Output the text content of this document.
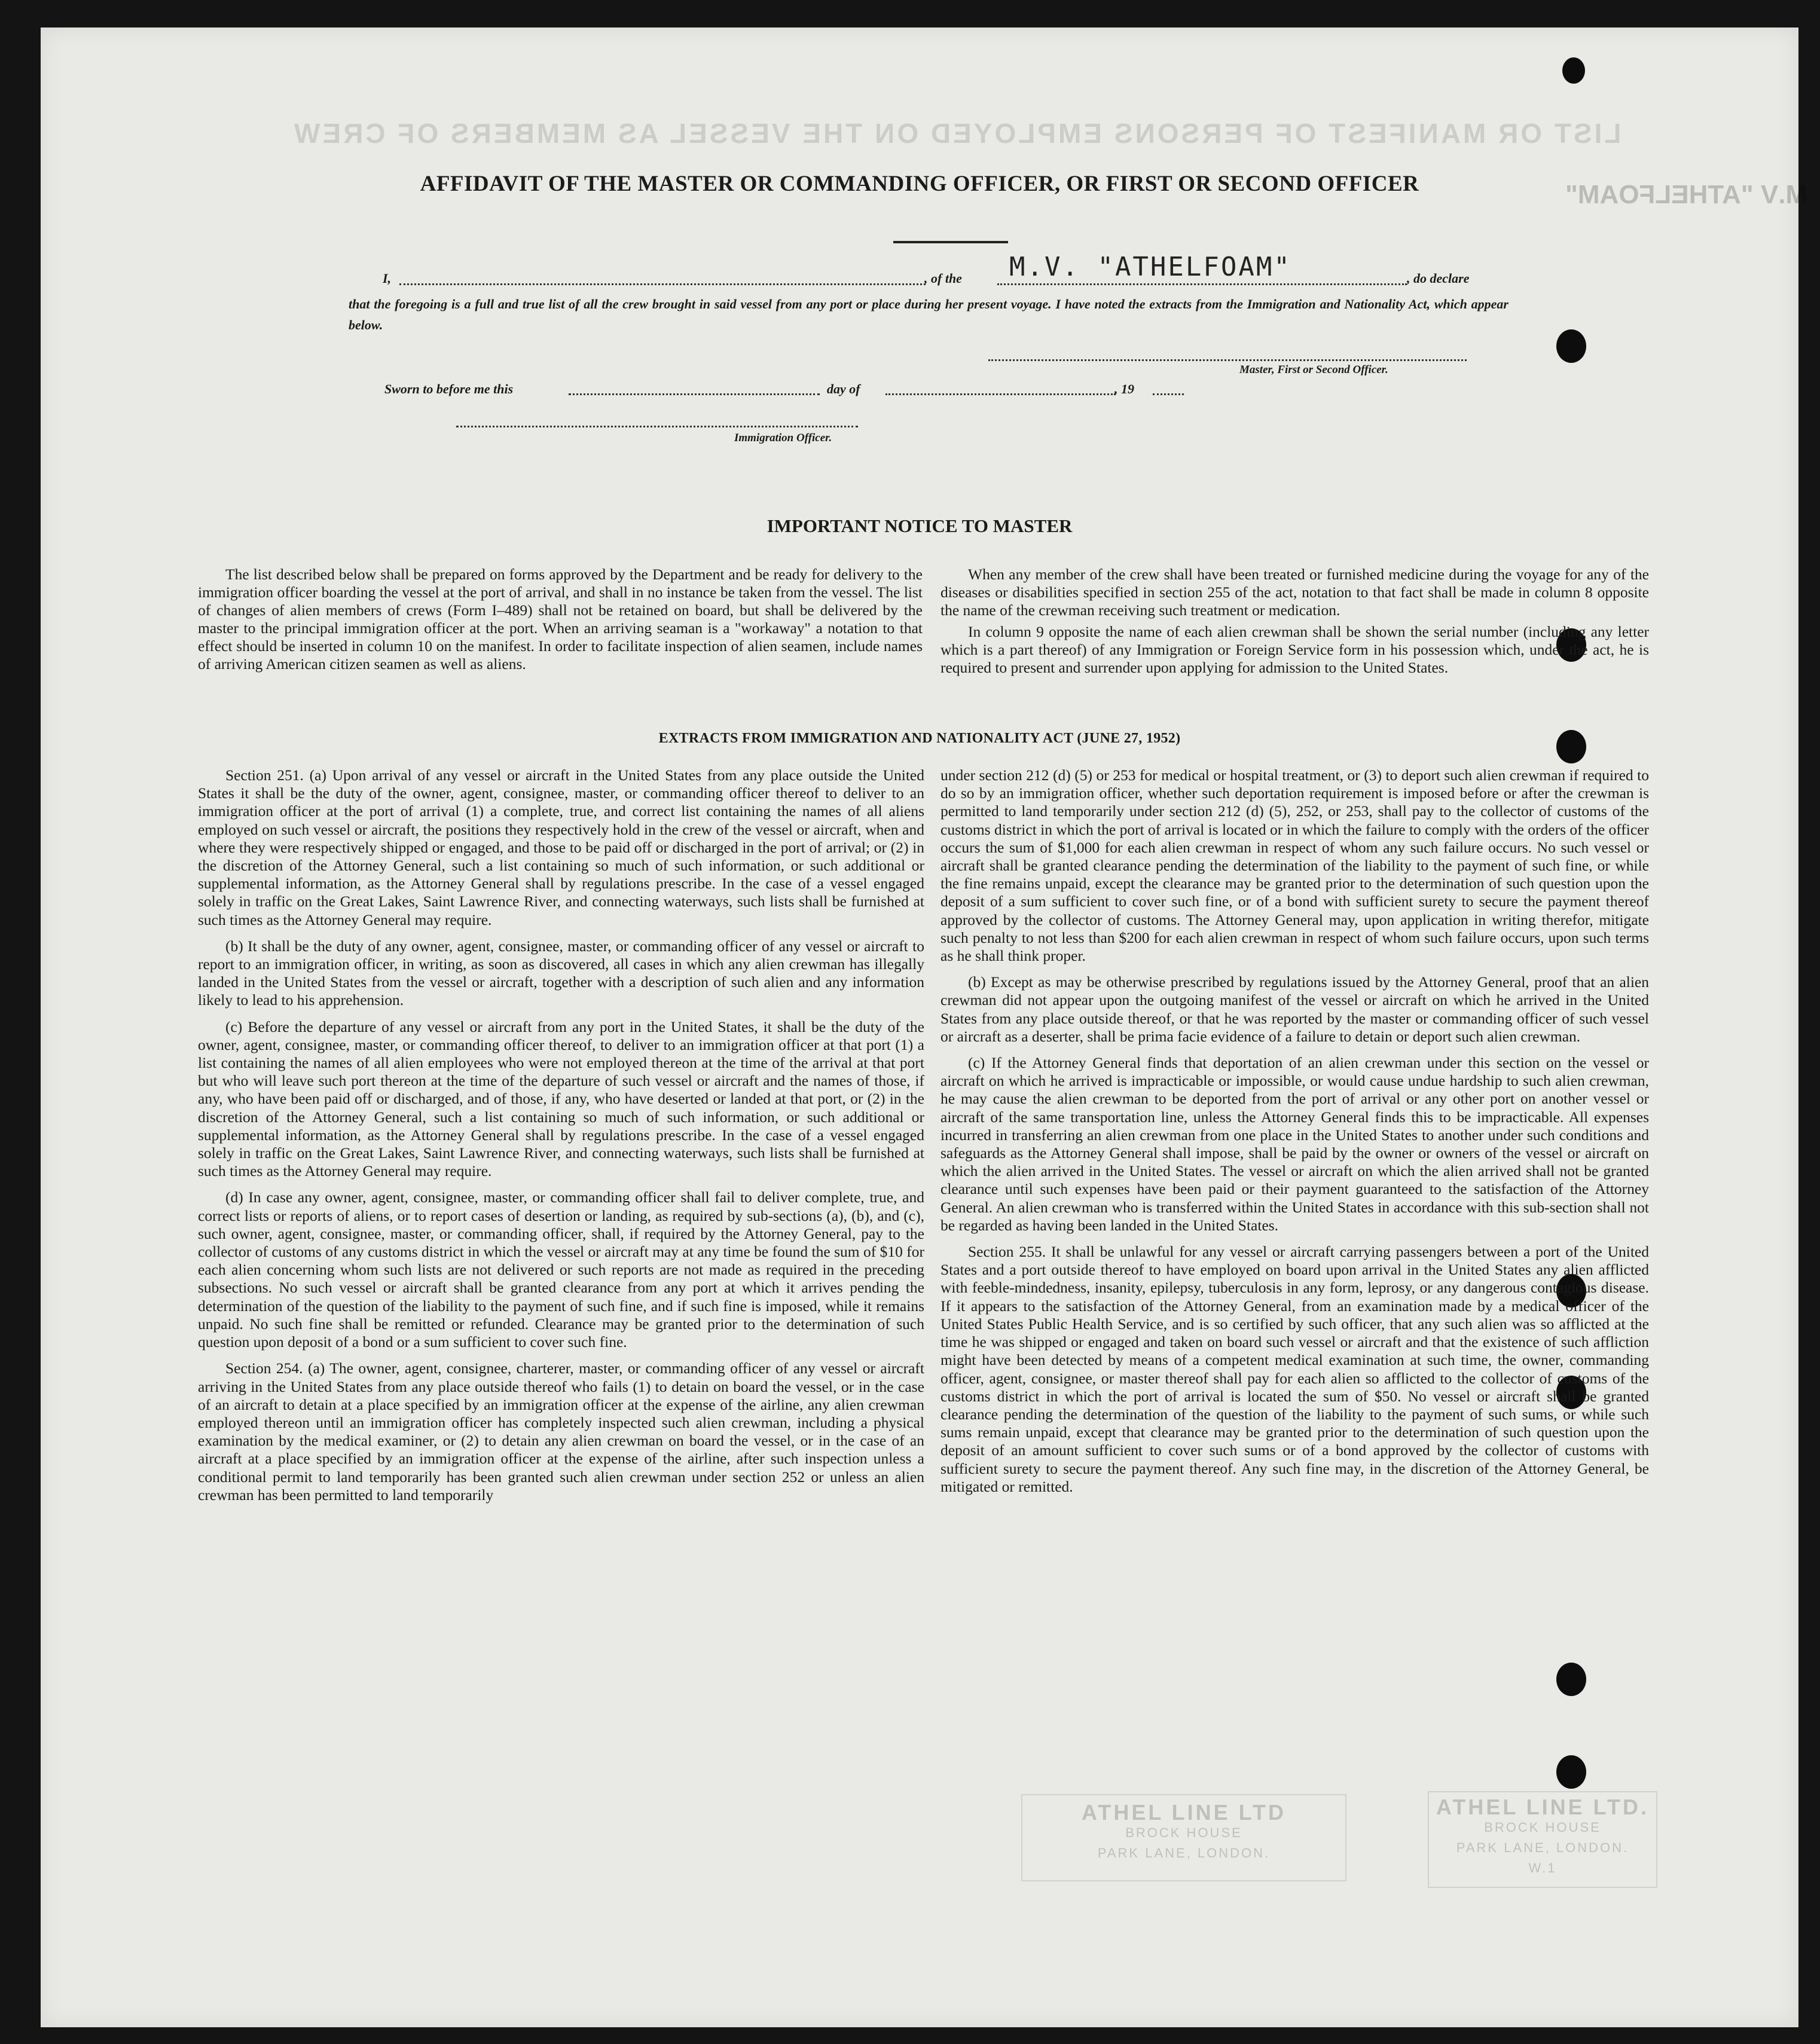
LIST OR MANIFEST OF PERSONS EMPLOYED ON THE VESSEL AS MEMBERS OF CREW
M.V "ATHELFOAM"
AFFIDAVIT OF THE MASTER OR COMMANDING OFFICER, OR FIRST OR SECOND OFFICER
I,	, of the M.V. "ATHELFOAM"	, do declare
that the foregoing is a full and true list of all the crew brought in said vessel from any port or place during her present voyage. I have noted the extracts from the Immigration and Nationality Act, which appear below.
Master, First or Second Officer.
Sworn to before me this	day of	, 19
Immigration Officer.
IMPORTANT NOTICE TO MASTER

The list described below shall be prepared on forms approved by the Department and be ready for delivery to the immigration officer boarding the vessel at the port of arrival, and shall in no instance be taken from the vessel. The list of changes of alien members of crews (Form I–489) shall not be retained on board, but shall be delivered by the master to the principal immigration officer at the port. When an arriving seaman is a "workaway" a notation to that effect should be inserted in column 10 on the manifest. In order to facilitate inspection of alien seamen, include names of arriving American citizen seamen as well as aliens.

When any member of the crew shall have been treated or furnished medicine during the voyage for any of the diseases or disabilities specified in section 255 of the act, notation to that fact shall be made in column 8 opposite the name of the crewman receiving such treatment or medication.

In column 9 opposite the name of each alien crewman shall be shown the serial number (including any letter which is a part thereof) of any Immigration or Foreign Service form in his possession which, under the act, he is required to present and surrender upon applying for admission to the United States.

EXTRACTS FROM IMMIGRATION AND NATIONALITY ACT (JUNE 27, 1952)

Section 251. (a) Upon arrival of any vessel or aircraft in the United States from any place outside the United States it shall be the duty of the owner, agent, consignee, master, or commanding officer thereof to deliver to an immigration officer at the port of arrival (1) a complete, true, and correct list containing the names of all aliens employed on such vessel or aircraft, the positions they respectively hold in the crew of the vessel or aircraft, when and where they were respectively shipped or engaged, and those to be paid off or discharged in the port of arrival; or (2) in the discretion of the Attorney General, such a list containing so much of such information, or such additional or supplemental information, as the Attorney General shall by regulations prescribe. In the case of a vessel engaged solely in traffic on the Great Lakes, Saint Lawrence River, and connecting waterways, such lists shall be furnished at such times as the Attorney General may require.

(b) It shall be the duty of any owner, agent, consignee, master, or commanding officer of any vessel or aircraft to report to an immigration officer, in writing, as soon as discovered, all cases in which any alien crewman has illegally landed in the United States from the vessel or aircraft, together with a description of such alien and any information likely to lead to his apprehension.

(c) Before the departure of any vessel or aircraft from any port in the United States, it shall be the duty of the owner, agent, consignee, master, or commanding officer thereof, to deliver to an immigration officer at that port (1) a list containing the names of all alien employees who were not employed thereon at the time of the arrival at that port but who will leave such port thereon at the time of the departure of such vessel or aircraft and the names of those, if any, who have been paid off or discharged, and of those, if any, who have deserted or landed at that port, or (2) in the discretion of the Attorney General, such a list containing so much of such information, or such additional or supplemental information, as the Attorney General shall by regulations prescribe. In the case of a vessel engaged solely in traffic on the Great Lakes, Saint Lawrence River, and connecting waterways, such lists shall be furnished at such times as the Attorney General may require.

(d) In case any owner, agent, consignee, master, or commanding officer shall fail to deliver complete, true, and correct lists or reports of aliens, or to report cases of desertion or landing, as required by sub-sections (a), (b), and (c), such owner, agent, consignee, master, or commanding officer, shall, if required by the Attorney General, pay to the collector of customs of any customs district in which the vessel or aircraft may at any time be found the sum of $10 for each alien concerning whom such lists are not delivered or such reports are not made as required in the preceding subsections. No such vessel or aircraft shall be granted clearance from any port at which it arrives pending the determination of the question of the liability to the payment of such fine, and if such fine is imposed, while it remains unpaid. No such fine shall be remitted or refunded. Clearance may be granted prior to the determination of such question upon deposit of a bond or a sum sufficient to cover such fine.

Section 254. (a) The owner, agent, consignee, charterer, master, or commanding officer of any vessel or aircraft arriving in the United States from any place outside thereof who fails (1) to detain on board the vessel, or in the case of an aircraft to detain at a place specified by an immigration officer at the expense of the airline, any alien crewman employed thereon until an immigration officer has completely inspected such alien crewman, including a physical examination by the medical examiner, or (2) to detain any alien crewman on board the vessel, or in the case of an aircraft at a place specified by an immigration officer at the expense of the airline, after such inspection unless a conditional permit to land temporarily has been granted such alien crewman under section 252 or unless an alien crewman has been permitted to land temporarily

under section 212 (d) (5) or 253 for medical or hospital treatment, or (3) to deport such alien crewman if required to do so by an immigration officer, whether such deportation requirement is imposed before or after the crewman is permitted to land temporarily under section 212 (d) (5), 252, or 253, shall pay to the collector of customs of the customs district in which the port of arrival is located or in which the failure to comply with the orders of the officer occurs the sum of $1,000 for each alien crewman in respect of whom any such failure occurs. No such vessel or aircraft shall be granted clearance pending the determination of the liability to the payment of such fine, or while the fine remains unpaid, except the clearance may be granted prior to the determination of such question upon the deposit of a sum sufficient to cover such fine, or of a bond with sufficient surety to secure the payment thereof approved by the collector of customs. The Attorney General may, upon application in writing therefor, mitigate such penalty to not less than $200 for each alien crewman in respect of whom such failure occurs, upon such terms as he shall think proper.

(b) Except as may be otherwise prescribed by regulations issued by the Attorney General, proof that an alien crewman did not appear upon the outgoing manifest of the vessel or aircraft on which he arrived in the United States from any place outside thereof, or that he was reported by the master or commanding officer of such vessel or aircraft as a deserter, shall be prima facie evidence of a failure to detain or deport such alien crewman.

(c) If the Attorney General finds that deportation of an alien crewman under this section on the vessel or aircraft on which he arrived is impracticable or impossible, or would cause undue hardship to such alien crewman, he may cause the alien crewman to be deported from the port of arrival or any other port on another vessel or aircraft of the same transportation line, unless the Attorney General finds this to be impracticable. All expenses incurred in transferring an alien crewman from one place in the United States to another under such conditions and safeguards as the Attorney General shall impose, shall be paid by the owner or owners of the vessel or aircraft on which the alien arrived in the United States. The vessel or aircraft on which the alien arrived shall not be granted clearance until such expenses have been paid or their payment guaranteed to the satisfaction of the Attorney General. An alien crewman who is transferred within the United States in accordance with this sub-section shall not be regarded as having been landed in the United States.

Section 255. It shall be unlawful for any vessel or aircraft carrying passengers between a port of the United States and a port outside thereof to have employed on board upon arrival in the United States any alien afflicted with feeble-mindedness, insanity, epilepsy, tuberculosis in any form, leprosy, or any dangerous contagious disease. If it appears to the satisfaction of the Attorney General, from an examination made by a medical officer of the United States Public Health Service, and is so certified by such officer, that any such alien was so afflicted at the time he was shipped or engaged and taken on board such vessel or aircraft and that the existence of such affliction might have been detected by means of a competent medical examination at such time, the owner, commanding officer, agent, consignee, or master thereof shall pay for each alien so afflicted to the collector of customs of the customs district in which the port of arrival is located the sum of $50. No vessel or aircraft shall be granted clearance pending the determination of the question of the liability to the payment of such sums, or while such sums remain unpaid, except that clearance may be granted prior to the determination of such question upon the deposit of an amount sufficient to cover such sums or of a bond approved by the collector of customs with sufficient surety to secure the payment thereof. Any such fine may, in the discretion of the Attorney General, be mitigated or remitted.

ATHEL LINE LTD
BROCK HOUSE
PARK LANE, LONDON.
ATHEL LINE LTD.
BROCK HOUSE
PARK LANE, LONDON.
W.1
